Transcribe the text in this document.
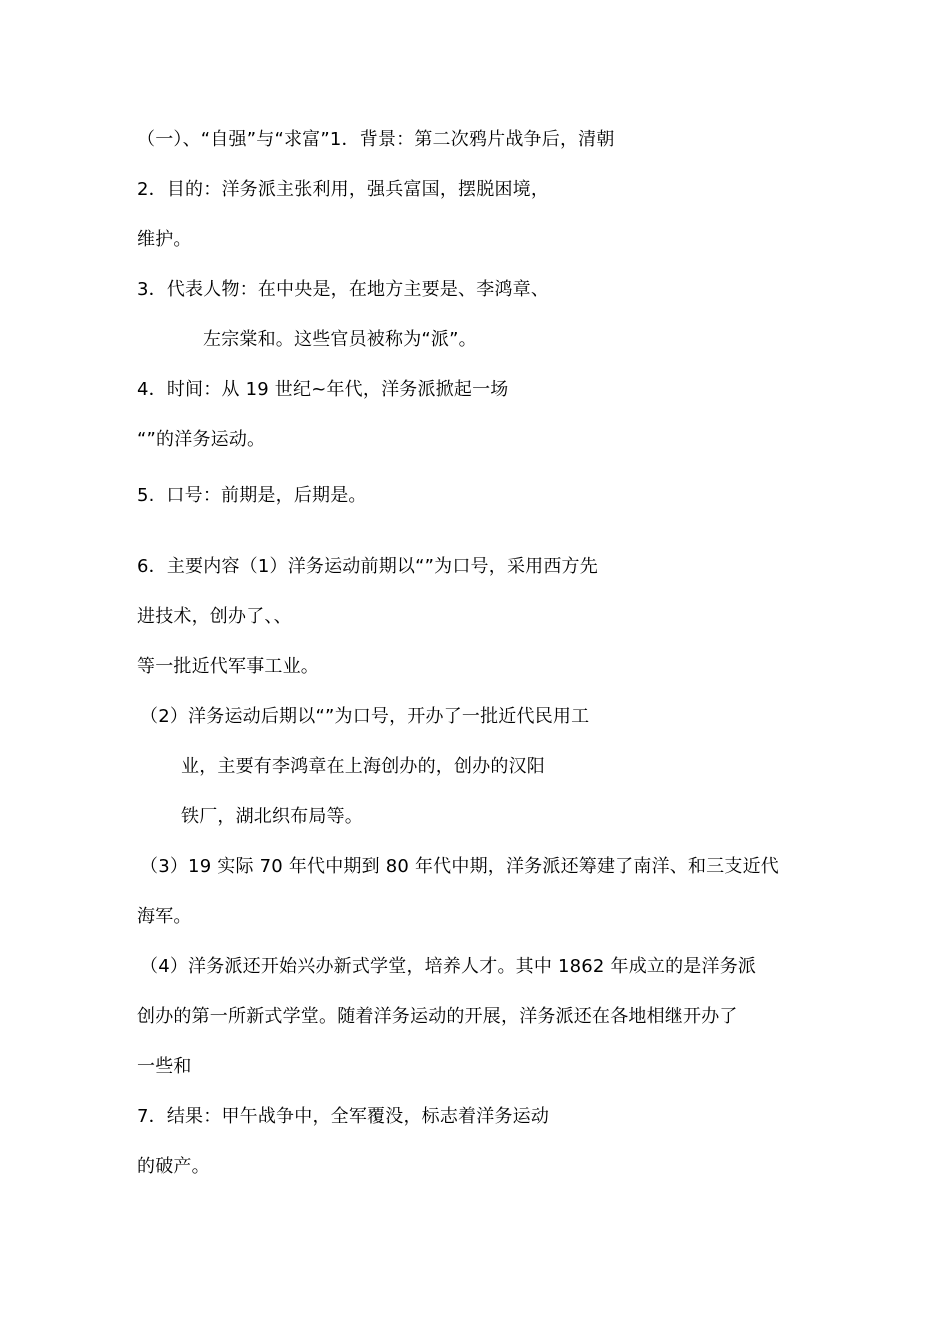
（一）、“自强”与“求富”1．背景：第二次鸦片战争后，清朝
2．目的：洋务派主张利用，强兵富国，摆脱困境，
维护。
3．代表人物：在中央是，在地方主要是、李鸿章、
左宗棠和。这些官员被称为“派”。
4．时间：从 19 世纪~年代，洋务派掀起一场
“”的洋务运动。
5.  口号：前期是，后期是。
6．主要内容（1）洋务运动前期以“”为口号，采用西方先
进技术，创办了、、
等一批近代军事工业。
（2）洋务运动后期以“”为口号，开办了一批近代民用工
业，主要有李鸿章在上海创办的，创办的汉阳
铁厂，湖北织布局等。
（3）19 实际 70 年代中期到 80 年代中期，洋务派还筹建了南洋、和三支近代
海军。
（4）洋务派还开始兴办新式学堂，培养人才。其中 1862 年成立的是洋务派
创办的第一所新式学堂。随着洋务运动的开展，洋务派还在各地相继开办了
一些和
7．结果：甲午战争中，全军覆没，标志着洋务运动
的破产。
